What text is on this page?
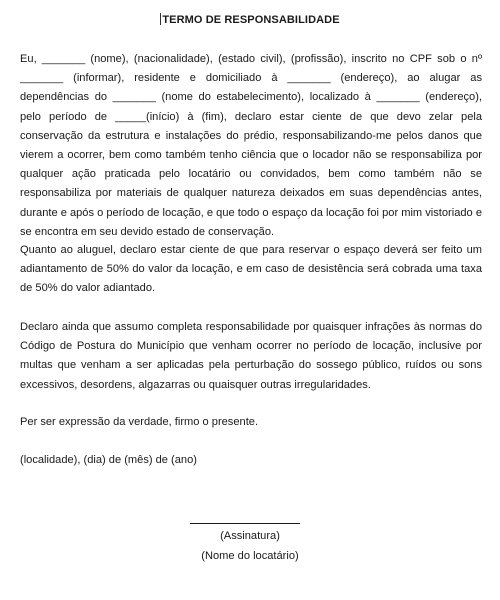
TERMO DE RESPONSABILIDADE

Eu, _______ (nome), (nacionalidade), (estado civil), (profissão), inscrito no CPF sob o nº _______ (informar), residente e domiciliado à _______ (endereço), ao alugar as dependências do _______ (nome do estabelecimento), localizado à _______ (endereço), pelo período de _____(início) à (fim), declaro estar ciente de que devo zelar pela conservação da estrutura e instalações do prédio, responsabilizando-me pelos danos que vierem a ocorrer, bem como também tenho ciência que o locador não se responsabiliza por qualquer ação praticada pelo locatário ou convidados, bem como também não se responsabiliza por materiais de qualquer natureza deixados em suas dependências antes, durante e após o período de locação, e que todo o espaço da locação foi por mim vistoriado e se encontra em seu devido estado de conservação.

Quanto ao aluguel, declaro estar ciente de que para reservar o espaço deverá ser feito um adiantamento de 50% do valor da locação, e em caso de desistência será cobrada uma taxa de 50% do valor adiantado.

Declaro ainda que assumo completa responsabilidade por quaisquer infrações às normas do Código de Postura do Município que venham ocorrer no período de locação, inclusive por multas que venham a ser aplicadas pela perturbação do sossego público, ruídos ou sons excessivos, desordens, algazarras ou quaisquer outras irregularidades.

Per ser expressão da verdade, firmo o presente.

(localidade), (dia) de (mês) de (ano)

(Assinatura)
(Nome do locatário)
